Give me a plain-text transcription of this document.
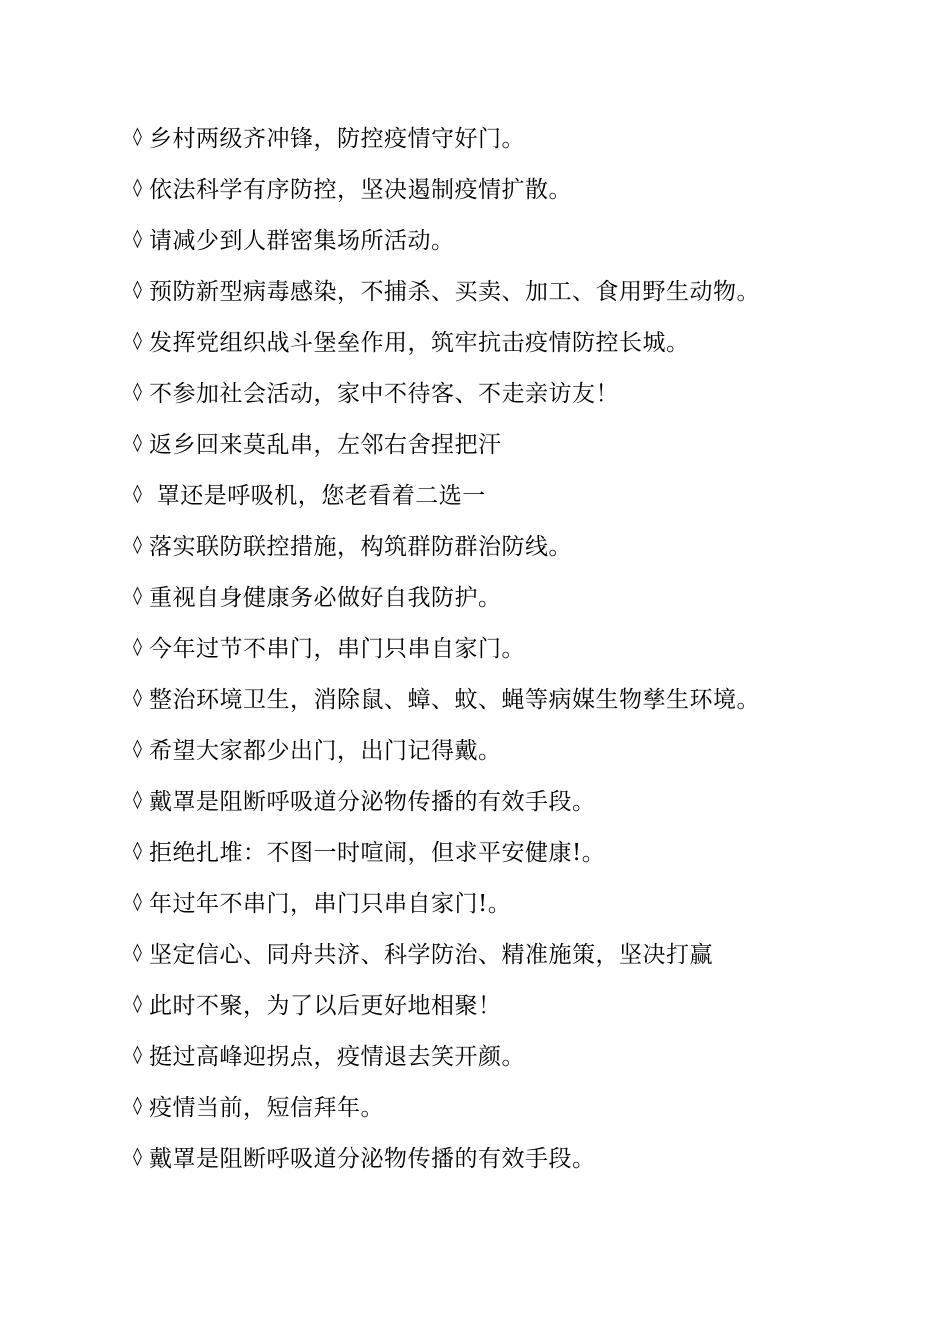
◊ 乡村两级齐冲锋，防控疫情守好门。
◊ 依法科学有序防控，坚决遏制疫情扩散。
◊ 请减少到人群密集场所活动。
◊ 预防新型病毒感染，不捕杀、买卖、加工、食用野生动物。
◊ 发挥党组织战斗堡垒作用，筑牢抗击疫情防控长城。
◊ 不参加社会活动，家中不待客、不走亲访友！
◊ 返乡回来莫乱串，左邻右舍捏把汗
◊ 罩还是呼吸机，您老看着二选一
◊ 落实联防联控措施，构筑群防群治防线。
◊ 重视自身健康务必做好自我防护。
◊ 今年过节不串门，串门只串自家门。
◊ 整治环境卫生，消除鼠、蟑、蚊、蝇等病媒生物孳生环境。
◊ 希望大家都少出门，出门记得戴。
◊ 戴罩是阻断呼吸道分泌物传播的有效手段。
◊ 拒绝扎堆：不图一时喧闹，但求平安健康!。
◊ 年过年不串门，串门只串自家门!。
◊ 坚定信心、同舟共济、科学防治、精准施策，坚决打赢
◊ 此时不聚，为了以后更好地相聚！
◊ 挺过高峰迎拐点，疫情退去笑开颜。
◊ 疫情当前，短信拜年。
◊ 戴罩是阻断呼吸道分泌物传播的有效手段。
